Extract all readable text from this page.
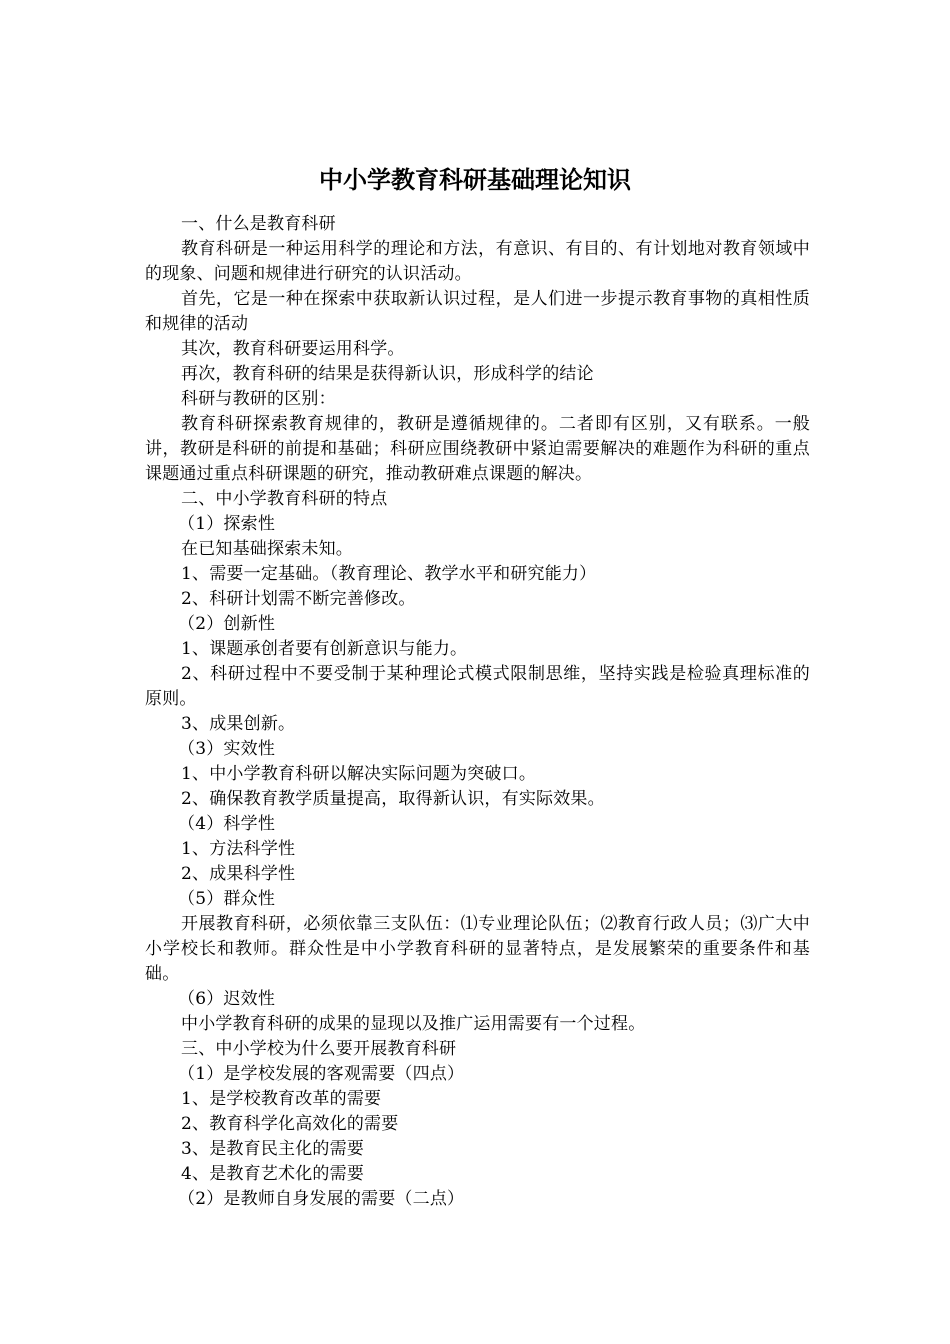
中小学教育科研基础理论知识

一、什么是教育科研

教育科研是一种运用科学的理论和方法，有意识、有目的、有计划地对教育领域中的现象、问题和规律进行研究的认识活动。

首先，它是一种在探索中获取新认识过程，是人们进一步提示教育事物的真相性质和规律的活动

其次，教育科研要运用科学。

再次，教育科研的结果是获得新认识，形成科学的结论

科研与教研的区别：

教育科研探索教育规律的，教研是遵循规律的。二者即有区别，又有联系。一般讲，教研是科研的前提和基础；科研应围绕教研中紧迫需要解决的难题作为科研的重点课题通过重点科研课题的研究，推动教研难点课题的解决。

二、中小学教育科研的特点

（1）探索性

在已知基础探索未知。

1、需要一定基础。（教育理论、教学水平和研究能力）

2、科研计划需不断完善修改。

（2）创新性

1、课题承创者要有创新意识与能力。

2、科研过程中不要受制于某种理论式模式限制思维，坚持实践是检验真理标准的原则。

3、成果创新。

（3）实效性

1、中小学教育科研以解决实际问题为突破口。

2、确保教育教学质量提高，取得新认识，有实际效果。

（4）科学性

1、方法科学性

2、成果科学性

（5）群众性

开展教育科研，必须依靠三支队伍：⑴专业理论队伍；⑵教育行政人员；⑶广大中小学校长和教师。群众性是中小学教育科研的显著特点，是发展繁荣的重要条件和基础。

（6）迟效性

中小学教育科研的成果的显现以及推广运用需要有一个过程。

三、中小学校为什么要开展教育科研

（1）是学校发展的客观需要（四点）

1、是学校教育改革的需要

2、教育科学化高效化的需要

3、是教育民主化的需要

4、是教育艺术化的需要

（2）是教师自身发展的需要（二点）
